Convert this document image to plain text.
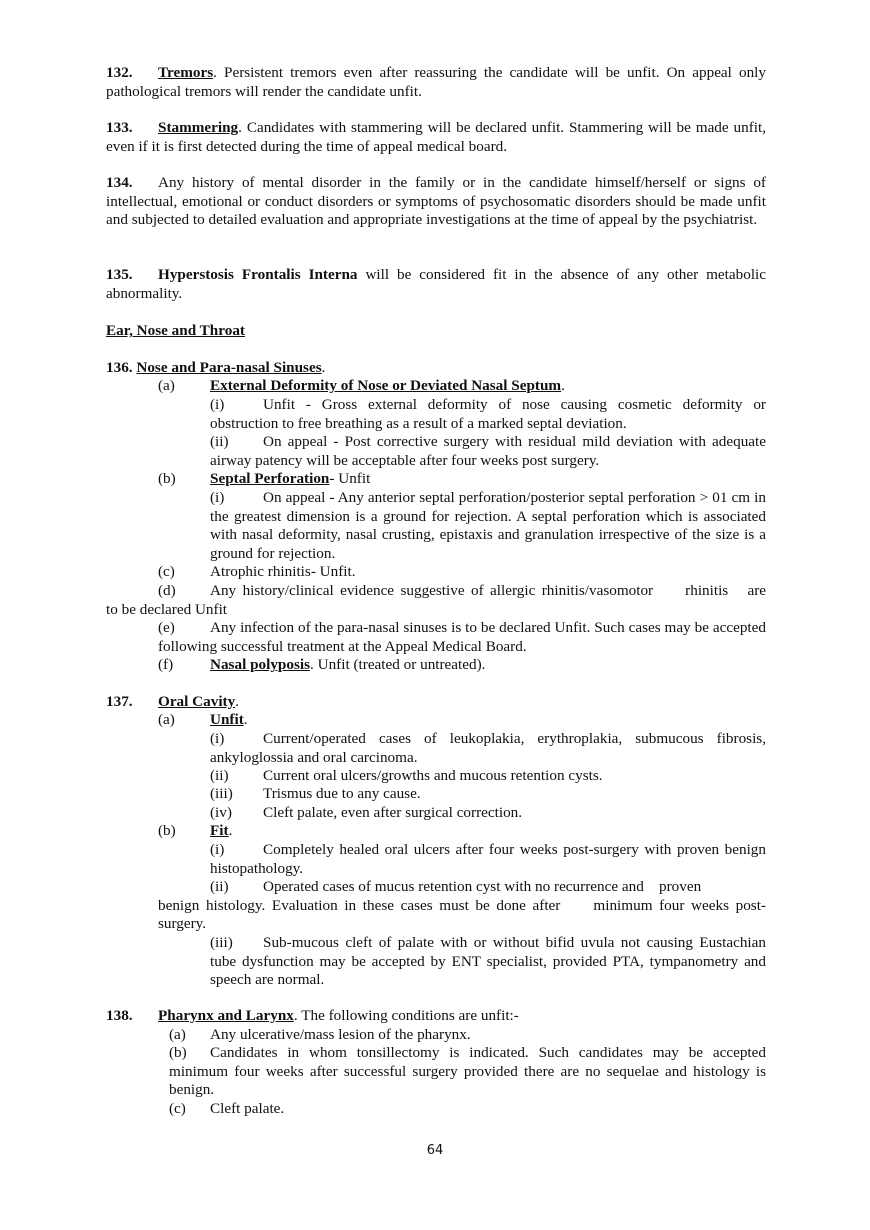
132. Tremors. Persistent tremors even after reassuring the candidate will be unfit. On appeal only pathological tremors will render the candidate unfit.
133. Stammering. Candidates with stammering will be declared unfit. Stammering will be made unfit, even if it is first detected during the time of appeal medical board.
134. Any history of mental disorder in the family or in the candidate himself/herself or signs of intellectual, emotional or conduct disorders or symptoms of psychosomatic disorders should be made unfit and subjected to detailed evaluation and appropriate investigations at the time of appeal by the psychiatrist.
135. Hyperstosis Frontalis Interna will be considered fit in the absence of any other metabolic abnormality.
Ear, Nose and Throat
136. Nose and Para-nasal Sinuses.
(a)	External Deformity of Nose or Deviated Nasal Septum.
(i)	Unfit - Gross external deformity of nose causing cosmetic deformity or obstruction to free breathing as a result of a marked septal deviation.
(ii) On appeal - Post corrective surgery with residual mild deviation with adequate airway patency will be acceptable after four weeks post surgery.
(b)	Septal Perforation- Unfit
(i)	On appeal - Any anterior septal perforation/posterior septal perforation > 01 cm in the greatest dimension is a ground for rejection. A septal perforation which is associated with nasal deformity, nasal crusting, epistaxis and granulation irrespective of the size is a ground for rejection.
(c)	Atrophic rhinitis- Unfit.
(d)	Any history/clinical evidence suggestive of allergic rhinitis/vasomotor     rhinitis   are
to be declared Unfit
(e) Any infection of the para-nasal sinuses is to be declared Unfit. Such cases may be accepted following successful treatment at the Appeal Medical Board.
(f)	Nasal polyposis. Unfit (treated or untreated).
137. Oral Cavity.
(a)	Unfit.
(i)	Current/operated cases of leukoplakia, erythroplakia, submucous fibrosis, ankyloglossia and oral carcinoma.
(ii) Current oral ulcers/growths and mucous retention cysts.
(iii) Trismus due to any cause.
(iv) Cleft palate, even after surgical correction.
(b)	Fit.
(i)	Completely healed oral ulcers after four weeks post-surgery with proven benign histopathology.
(ii) Operated cases of mucus retention cyst with no recurrence and    proven
benign histology. Evaluation in these cases must be done after     minimum four weeks post-surgery.
(iii) Sub-mucous cleft of palate with or without bifid uvula not causing Eustachian tube dysfunction may be accepted by ENT specialist, provided PTA, tympanometry and speech are normal.
138. Pharynx and Larynx. The following conditions are unfit:-
(a) Any ulcerative/mass lesion of the pharynx.
(b) Candidates in whom tonsillectomy is indicated. Such candidates may be accepted minimum four weeks after successful surgery provided there are no sequelae and histology is benign.
(c) Cleft palate.
64
